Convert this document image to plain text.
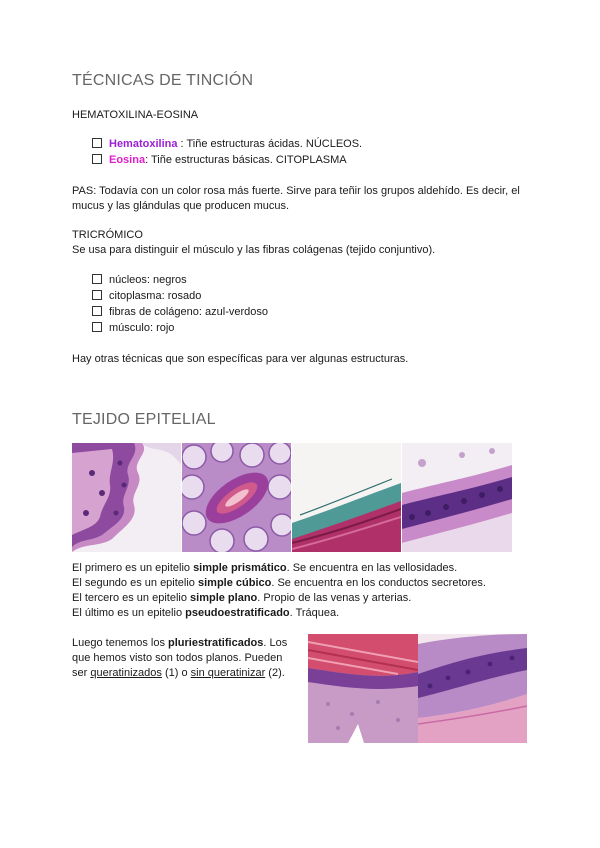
TÉCNICAS DE TINCIÓN
HEMATOXILINA-EOSINA
Hematoxilina : Tiñe estructuras ácidas. NÚCLEOS.
Eosina: Tiñe estructuras básicas. CITOPLASMA
PAS: Todavía con un color rosa más fuerte. Sirve para teñir los grupos aldehído. Es decir, el
mucus y las glándulas que producen mucus.
TRICRÓMICO
Se usa para distinguir el músculo y las fibras colágenas (tejido conjuntivo).
núcleos: negros
citoplasma: rosado
fibras de colágeno: azul-verdoso
músculo: rojo
Hay otras técnicas que son específicas para ver algunas estructuras.
TEJIDO EPITELIAL
El primero es un epitelio simple prismático. Se encuentra en las vellosidades.
El segundo es un epitelio simple cúbico. Se encuentra en los conductos secretores.
El tercero es un epitelio simple plano. Propio de las venas y arterias.
El último es un epitelio pseudoestratificado. Tráquea.
Luego tenemos los pluriestratificados. Los
que hemos visto son todos planos. Pueden
ser queratinizados (1) o sin queratinizar (2).
